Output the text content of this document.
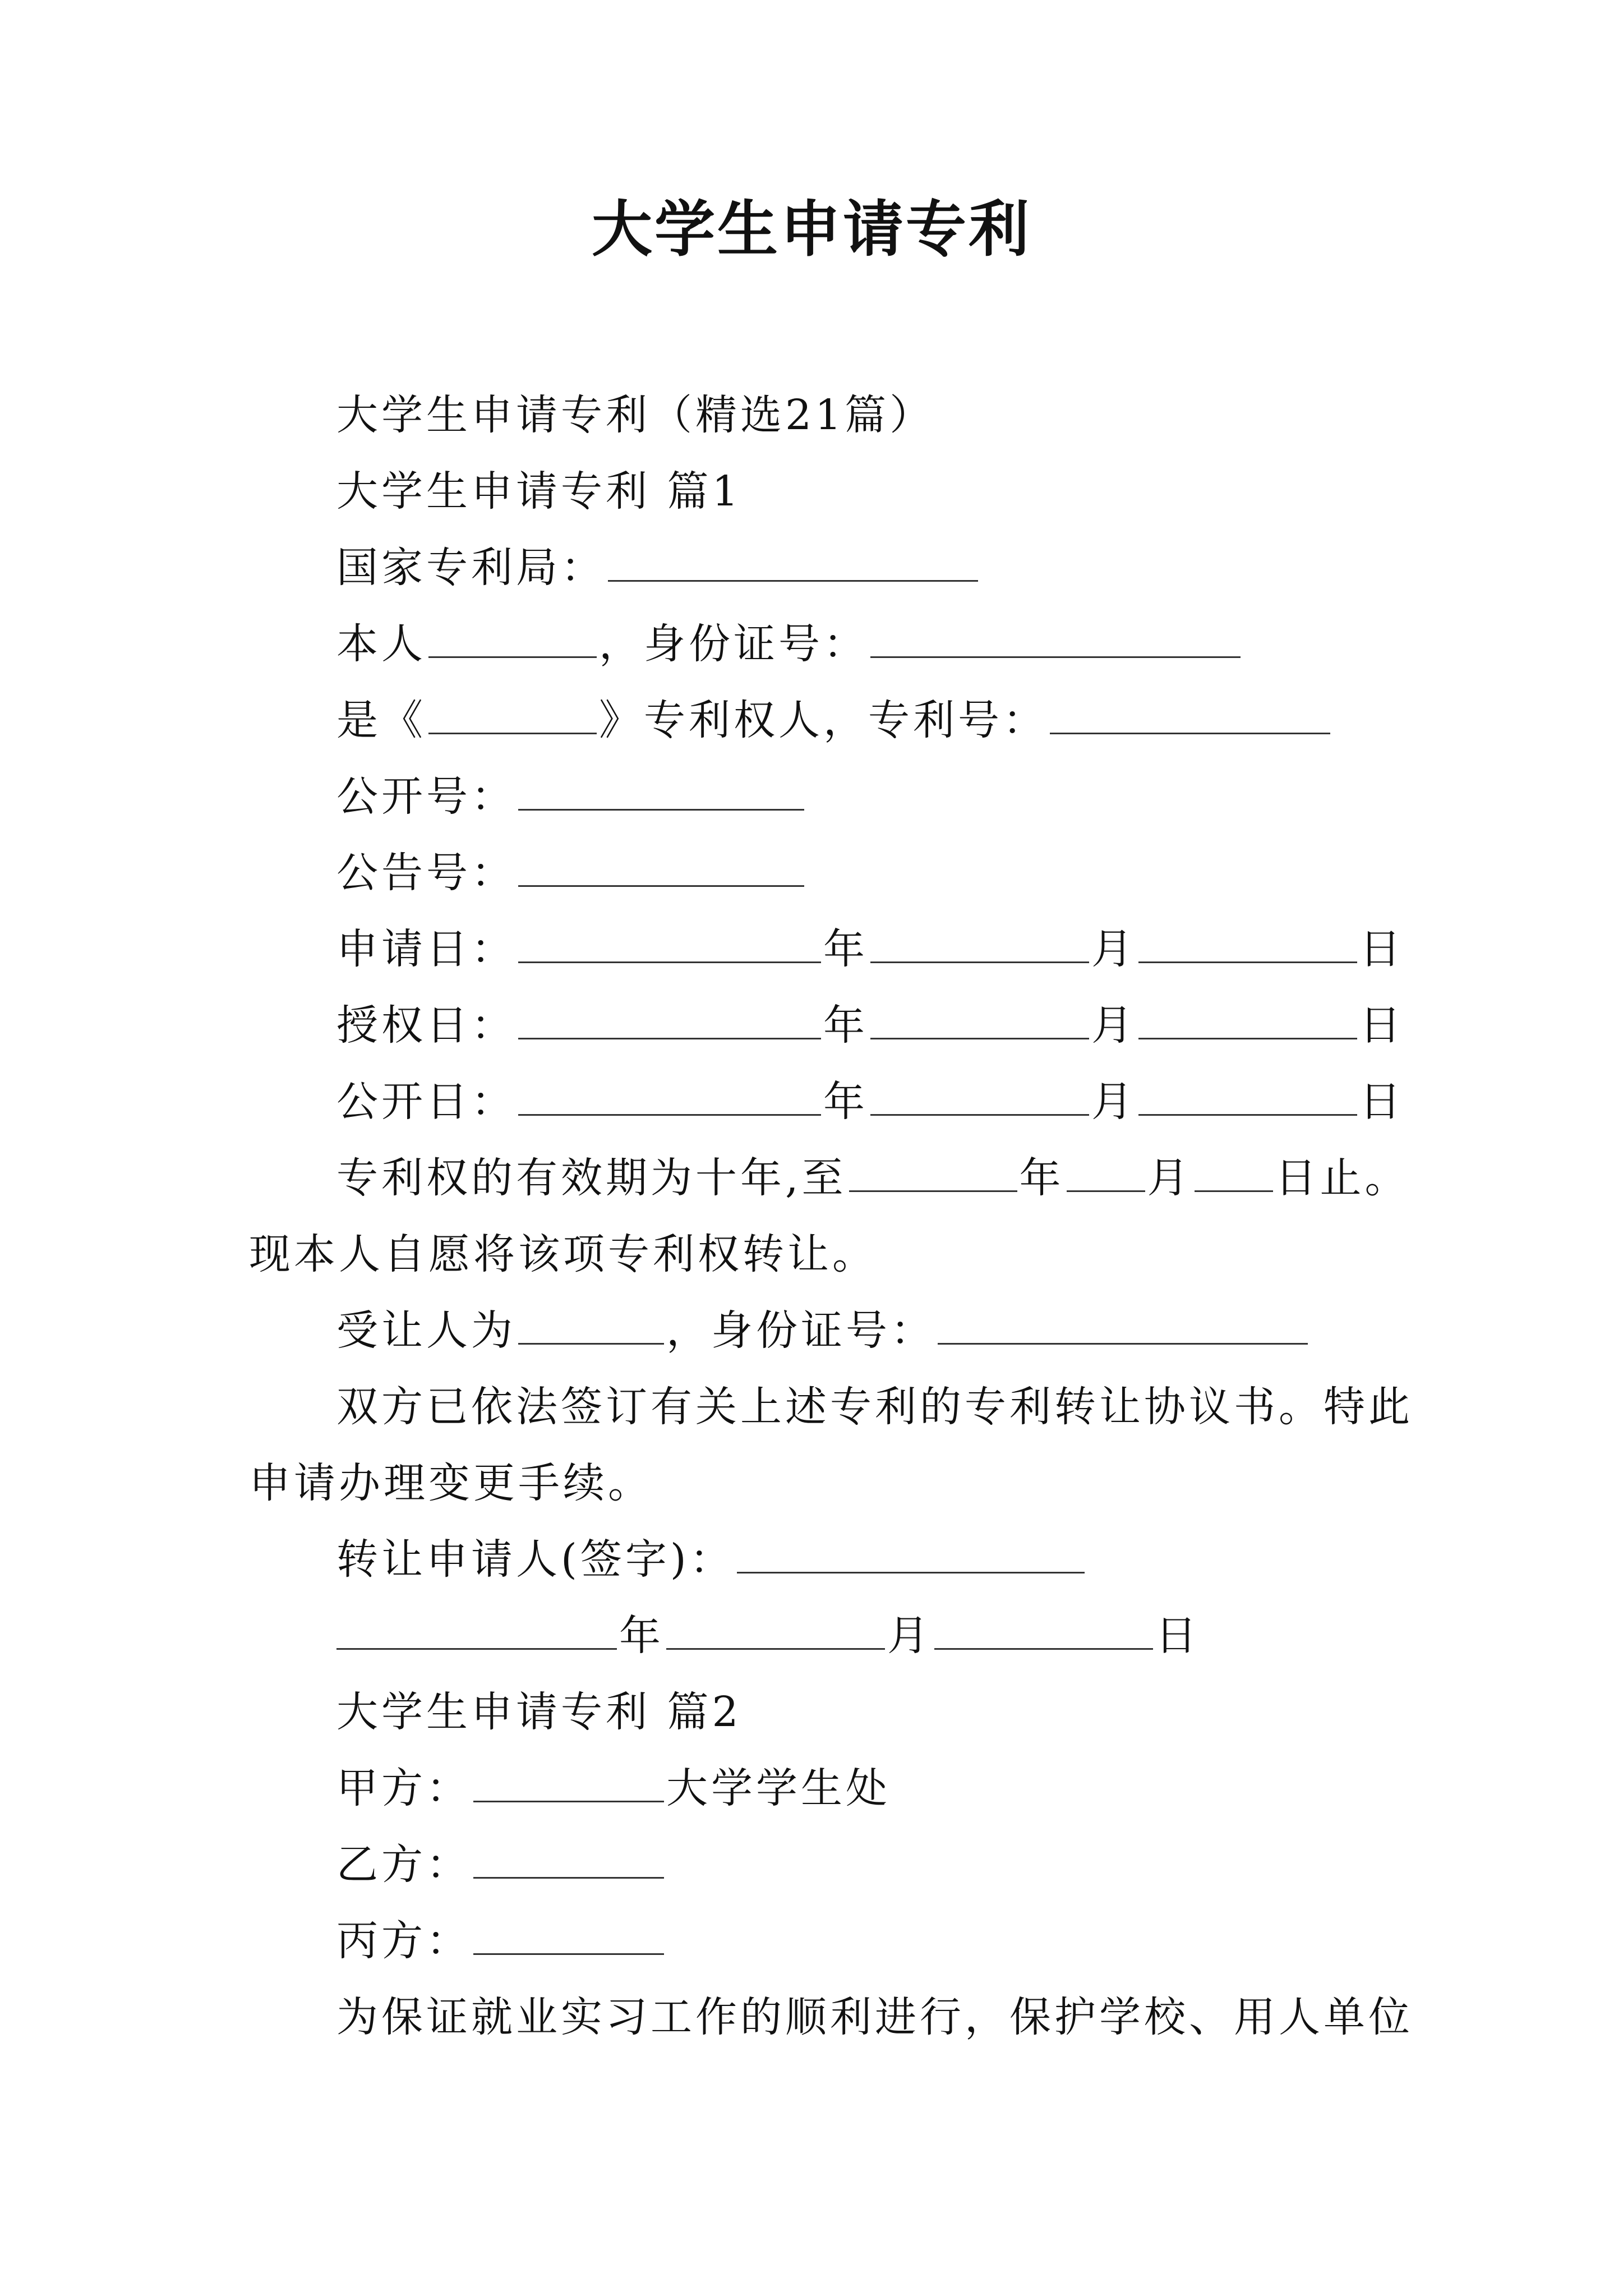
大学生申请专利
大学生申请专利（精选21篇）
大学生申请专利 篇1
国家专利局：
本人	，身份证号：
是《	》专利权人，专利号：
公开号：
公告号：
申请日：	年	月	日
授权日：	年	月	日
公开日：	年	月	日
专利权的有效期为十年,至	年 月 日止。
现本人自愿将该项专利权转让。
受让人为	，身份证号：
双方已依法签订有关上述专利的专利转让协议书。特此
申请办理变更手续。
转让申请人(签字)：
年	月	日
大学生申请专利 篇2
甲方：	大学学生处
乙方：
丙方：
为保证就业实习工作的顺利进行，保护学校、用人单位
